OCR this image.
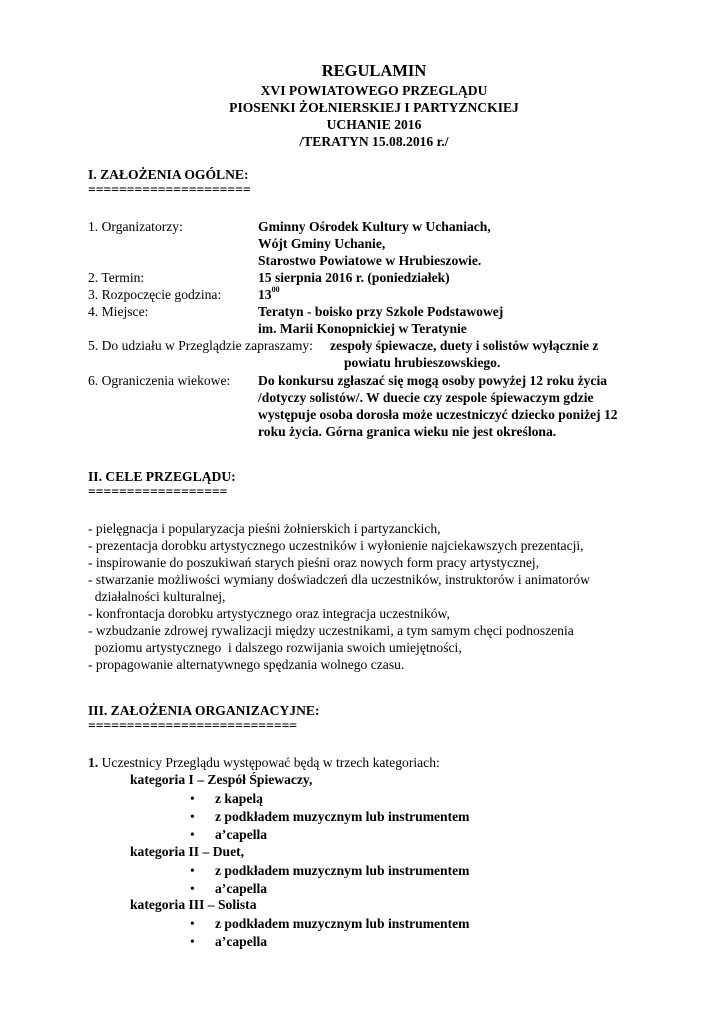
REGULAMIN
XVI POWIATOWEGO PRZEGLĄDU
PIOSENKI ŻOŁNIERSKIEJ I PARTYZNCKIEJ
UCHANIE 2016
/TERATYN 15.08.2016 r./
I. ZAŁOŻENIA OGÓLNE:
=====================
1. Organizatorzy:	Gminny Ośrodek Kultury w Uchaniach,
Wójt Gminy Uchanie,
Starostwo Powiatowe w Hrubieszowie.
2. Termin:	15 sierpnia 2016 r. (poniedziałek)
3. Rozpoczęcie godzina:	$13^{00}$
4. Miejsce:	Teratyn - boisko przy Szkole Podstawowej
im. Marii Konopnickiej w Teratynie
5. Do udziału w Przeglądzie zapraszamy: zespoły śpiewacze, duety i solistów wyłącznie z
powiatu hrubieszowskiego.
6. Ograniczenia wiekowe: Do konkursu zgłaszać się mogą osoby powyżej 12 roku życia
/dotyczy solistów/. W duecie czy zespole śpiewaczym gdzie
występuje osoba dorosła może uczestniczyć dziecko poniżej 12
roku życia. Górna granica wieku nie jest określona.
II. CELE PRZEGLĄDU:
==================
- pielęgnacja i popularyzacja pieśni żołnierskich i partyzanckich,
- prezentacja dorobku artystycznego uczestników i wyłonienie najciekawszych prezentacji,
- inspirowanie do poszukiwań starych pieśni oraz nowych form pracy artystycznej,
- stwarzanie możliwości wymiany doświadczeń dla uczestników, instruktorów i animatorów
działalności kulturalnej,
- konfrontacja dorobku artystycznego oraz integracja uczestników,
- wzbudzanie zdrowej rywalizacji między uczestnikami, a tym samym chęci podnoszenia
poziomu artystycznego  i dalszego rozwijania swoich umiejętności,
- propagowanie alternatywnego spędzania wolnego czasu.
III. ZAŁOŻENIA ORGANIZACYJNE:
===========================
1. Uczestnicy Przeglądu występować będą w trzech kategoriach:
kategoria I – Zespół Śpiewaczy,
• z kapelą
• z podkładem muzycznym lub instrumentem
• a’capella
kategoria II – Duet,
• z podkładem muzycznym lub instrumentem
• a’capella
kategoria III – Solista
• z podkładem muzycznym lub instrumentem
• a’capella
